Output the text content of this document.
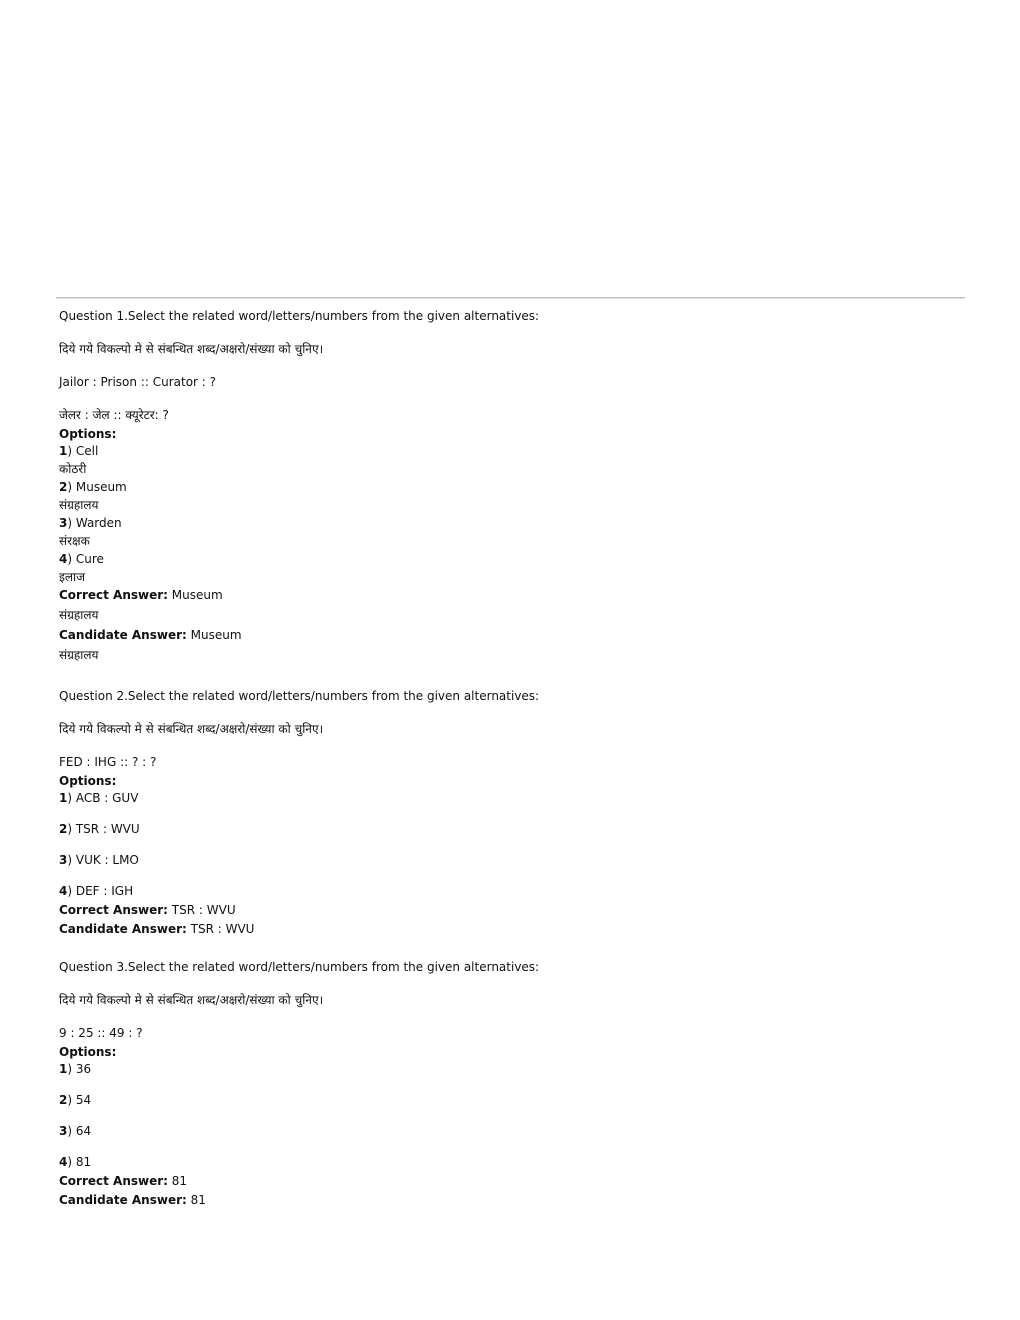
Question 1.Select the related word/letters/numbers from the given alternatives:
दिये गये विकल्पो मे से संबन्धित शब्द/अक्षरो/संख्या को चुनिए।
Jailor : Prison :: Curator : ?
जेलर : जेल :: क्यूरेटर: ?
Options:
1) Cell
कोठरी
2) Museum
संग्रहालय
3) Warden
संरक्षक
4) Cure
इलाज
Correct Answer: Museum
संग्रहालय
Candidate Answer: Museum
संग्रहालय
Question 2.Select the related word/letters/numbers from the given alternatives:
दिये गये विकल्पो मे से संबन्धित शब्द/अक्षरो/संख्या को चुनिए।
FED : IHG :: ? : ?
Options:
1) ACB : GUV
2) TSR : WVU
3) VUK : LMO
4) DEF : IGH
Correct Answer: TSR : WVU
Candidate Answer: TSR : WVU
Question 3.Select the related word/letters/numbers from the given alternatives:
दिये गये विकल्पो मे से संबन्धित शब्द/अक्षरो/संख्या को चुनिए।
9 : 25 :: 49 : ?
Options:
1) 36
2) 54
3) 64
4) 81
Correct Answer: 81
Candidate Answer: 81
